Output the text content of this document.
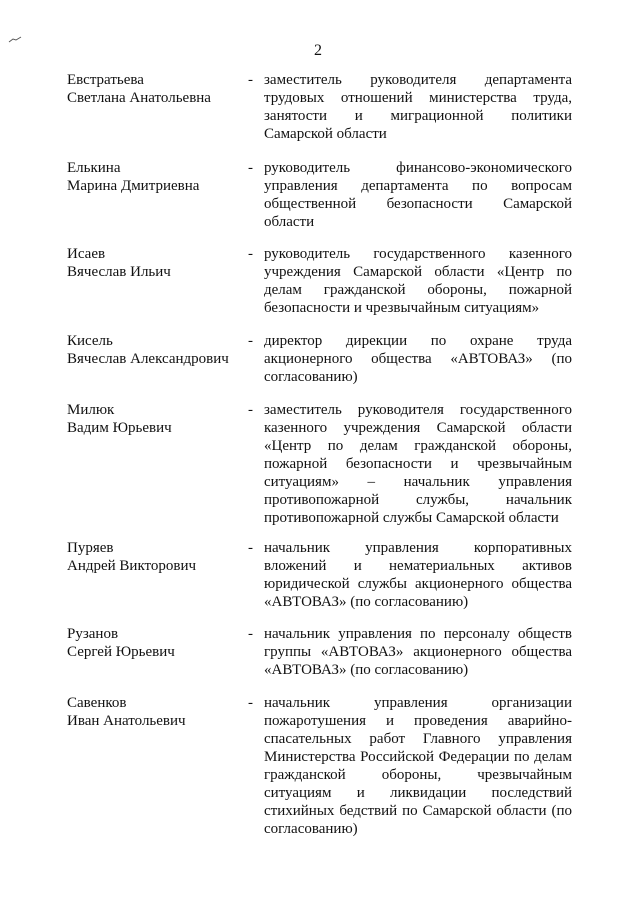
2
Евстратьева
Светлана Анатольевна
- заместитель руководителя департамента трудовых отношений министерства труда, занятости и миграционной политики Самарской области
Елькина
Марина Дмитриевна
- руководитель финансово-экономического управления департамента по вопросам общественной безопасности Самарской области
Исаев
Вячеслав Ильич
- руководитель государственного казенного учреждения Самарской области «Центр по делам гражданской обороны, пожарной безопасности и чрезвычайным ситуациям»
Кисель
Вячеслав Александрович
- директор дирекции по охране труда акционерного общества «АВТОВАЗ» (по согласованию)
Милюк
Вадим Юрьевич
- заместитель руководителя государственного казенного учреждения Самарской области «Центр по делам гражданской обороны, пожарной безопасности и чрезвычайным ситуациям» – начальник управления противопожарной службы, начальник противопожарной службы Самарской области
Пуряев
Андрей Викторович
- начальник управления корпоративных вложений и нематериальных активов юридической службы акционерного общества «АВТОВАЗ» (по согласованию)
Рузанов
Сергей Юрьевич
- начальник управления по персоналу обществ группы «АВТОВАЗ» акционерного общества «АВТОВАЗ» (по согласованию)
Савенков
Иван Анатольевич
- начальник управления организации пожаротушения и проведения аварийно-спасательных работ Главного управления Министерства Российской Федерации по делам гражданской обороны, чрезвычайным ситуациям и ликвидации последствий стихийных бедствий по Самарской области (по согласованию)
